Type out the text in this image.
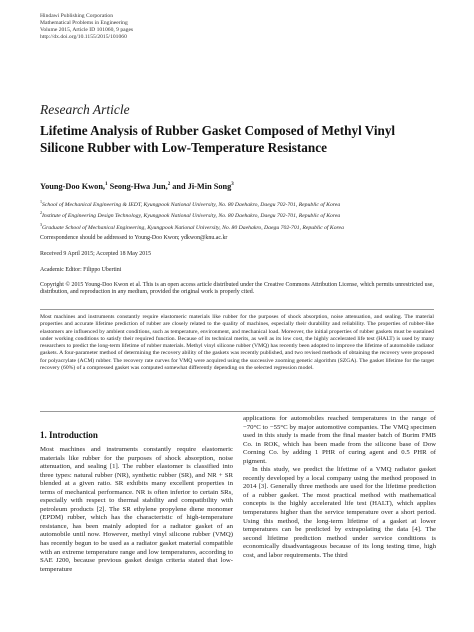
Hindawi Publishing Corporation
Mathematical Problems in Engineering
Volume 2015, Article ID 101060, 9 pages
http://dx.doi.org/10.1155/2015/101060
Research Article
Lifetime Analysis of Rubber Gasket Composed of Methyl Vinyl Silicone Rubber with Low-Temperature Resistance
Young-Doo Kwon,$^1$ Seong-Hwa Jun,$^2$ and Ji-Min Song$^3$
$^1$School of Mechanical Engineering & IEDT, Kyungpook National University, No. 80 Daehakro, Daegu 702-701, Republic of Korea
$^2$Institute of Engineering Design Technology, Kyungpook National University, No. 80 Daehakro, Daegu 702-701, Republic of Korea
$^3$Graduate School of Mechanical Engineering, Kyungpook National University, No. 80 Daehakro, Daegu 702-701, Republic of Korea
Correspondence should be addressed to Young-Doo Kwon; ydkwon@knu.ac.kr
Received 9 April 2015; Accepted 18 May 2015
Academic Editor: Filippo Ubertini
Copyright © 2015 Young-Doo Kwon et al. This is an open access article distributed under the Creative Commons Attribution License, which permits unrestricted use, distribution, and reproduction in any medium, provided the original work is properly cited.
Most machines and instruments constantly require elastomeric materials like rubber for the purposes of shock absorption, noise attenuation, and sealing. The material properties and accurate lifetime prediction of rubber are closely related to the quality of machines, especially their durability and reliability. The properties of rubber-like elastomers are influenced by ambient conditions, such as temperature, environment, and mechanical load. Moreover, the initial properties of rubber gaskets must be sustained under working conditions to satisfy their required function. Because of its technical merits, as well as its low cost, the highly accelerated life test (HALT) is used by many researchers to predict the long-term lifetime of rubber materials. Methyl vinyl silicone rubber (VMQ) has recently been adopted to improve the lifetime of automobile radiator gaskets. A four-parameter method of determining the recovery ability of the gaskets was recently published, and two revised methods of obtaining the recovery were proposed for polyacrylate (ACM) rubber. The recovery rate curves for VMQ were acquired using the successive zooming genetic algorithm (SZGA). The gasket lifetime for the target recovery (60%) of a compressed gasket was computed somewhat differently depending on the selected regression model.
1. Introduction

Most machines and instruments constantly require elastomeric materials like rubber for the purposes of shock absorption, noise attenuation, and sealing [1]. The rubber elastomer is classified into three types: natural rubber (NR), synthetic rubber (SR), and NR + SR blended at a given ratio. SR exhibits many excellent properties in terms of mechanical performance. NR is often inferior to certain SRs, especially with respect to thermal stability and compatibility with petroleum products [2]. The SR ethylene propylene diene monomer (EPDM) rubber, which has the characteristic of high-temperature resistance, has been mainly adopted for a radiator gasket of an automobile until now. However, methyl vinyl silicone rubber (VMQ) has recently begun to be used as a radiator gasket material compatible with an extreme temperature range and low temperatures, according to SAE J200, because previous gasket design criteria stated that low-temperature

applications for automobiles reached temperatures in the range of −70°C to −55°C by major automotive companies. The VMQ specimen used in this study is made from the final master batch of Burim FMB Co. in ROK, which has been made from the silicone base of Dow Corning Co. by adding 1 PHR of curing agent and 0.5 PHR of pigment.

In this study, we predict the lifetime of a VMQ radiator gasket recently developed by a local company using the method proposed in 2014 [3]. Generally three methods are used for the lifetime prediction of a rubber gasket. The most practical method with mathematical concepts is the highly accelerated life test (HALT), which applies temperatures higher than the service temperature over a short period. Using this method, the long-term lifetime of a gasket at lower temperatures can be predicted by extrapolating the data [4]. The second lifetime prediction method under service conditions is economically disadvantageous because of its long testing time, high cost, and labor requirements. The third
